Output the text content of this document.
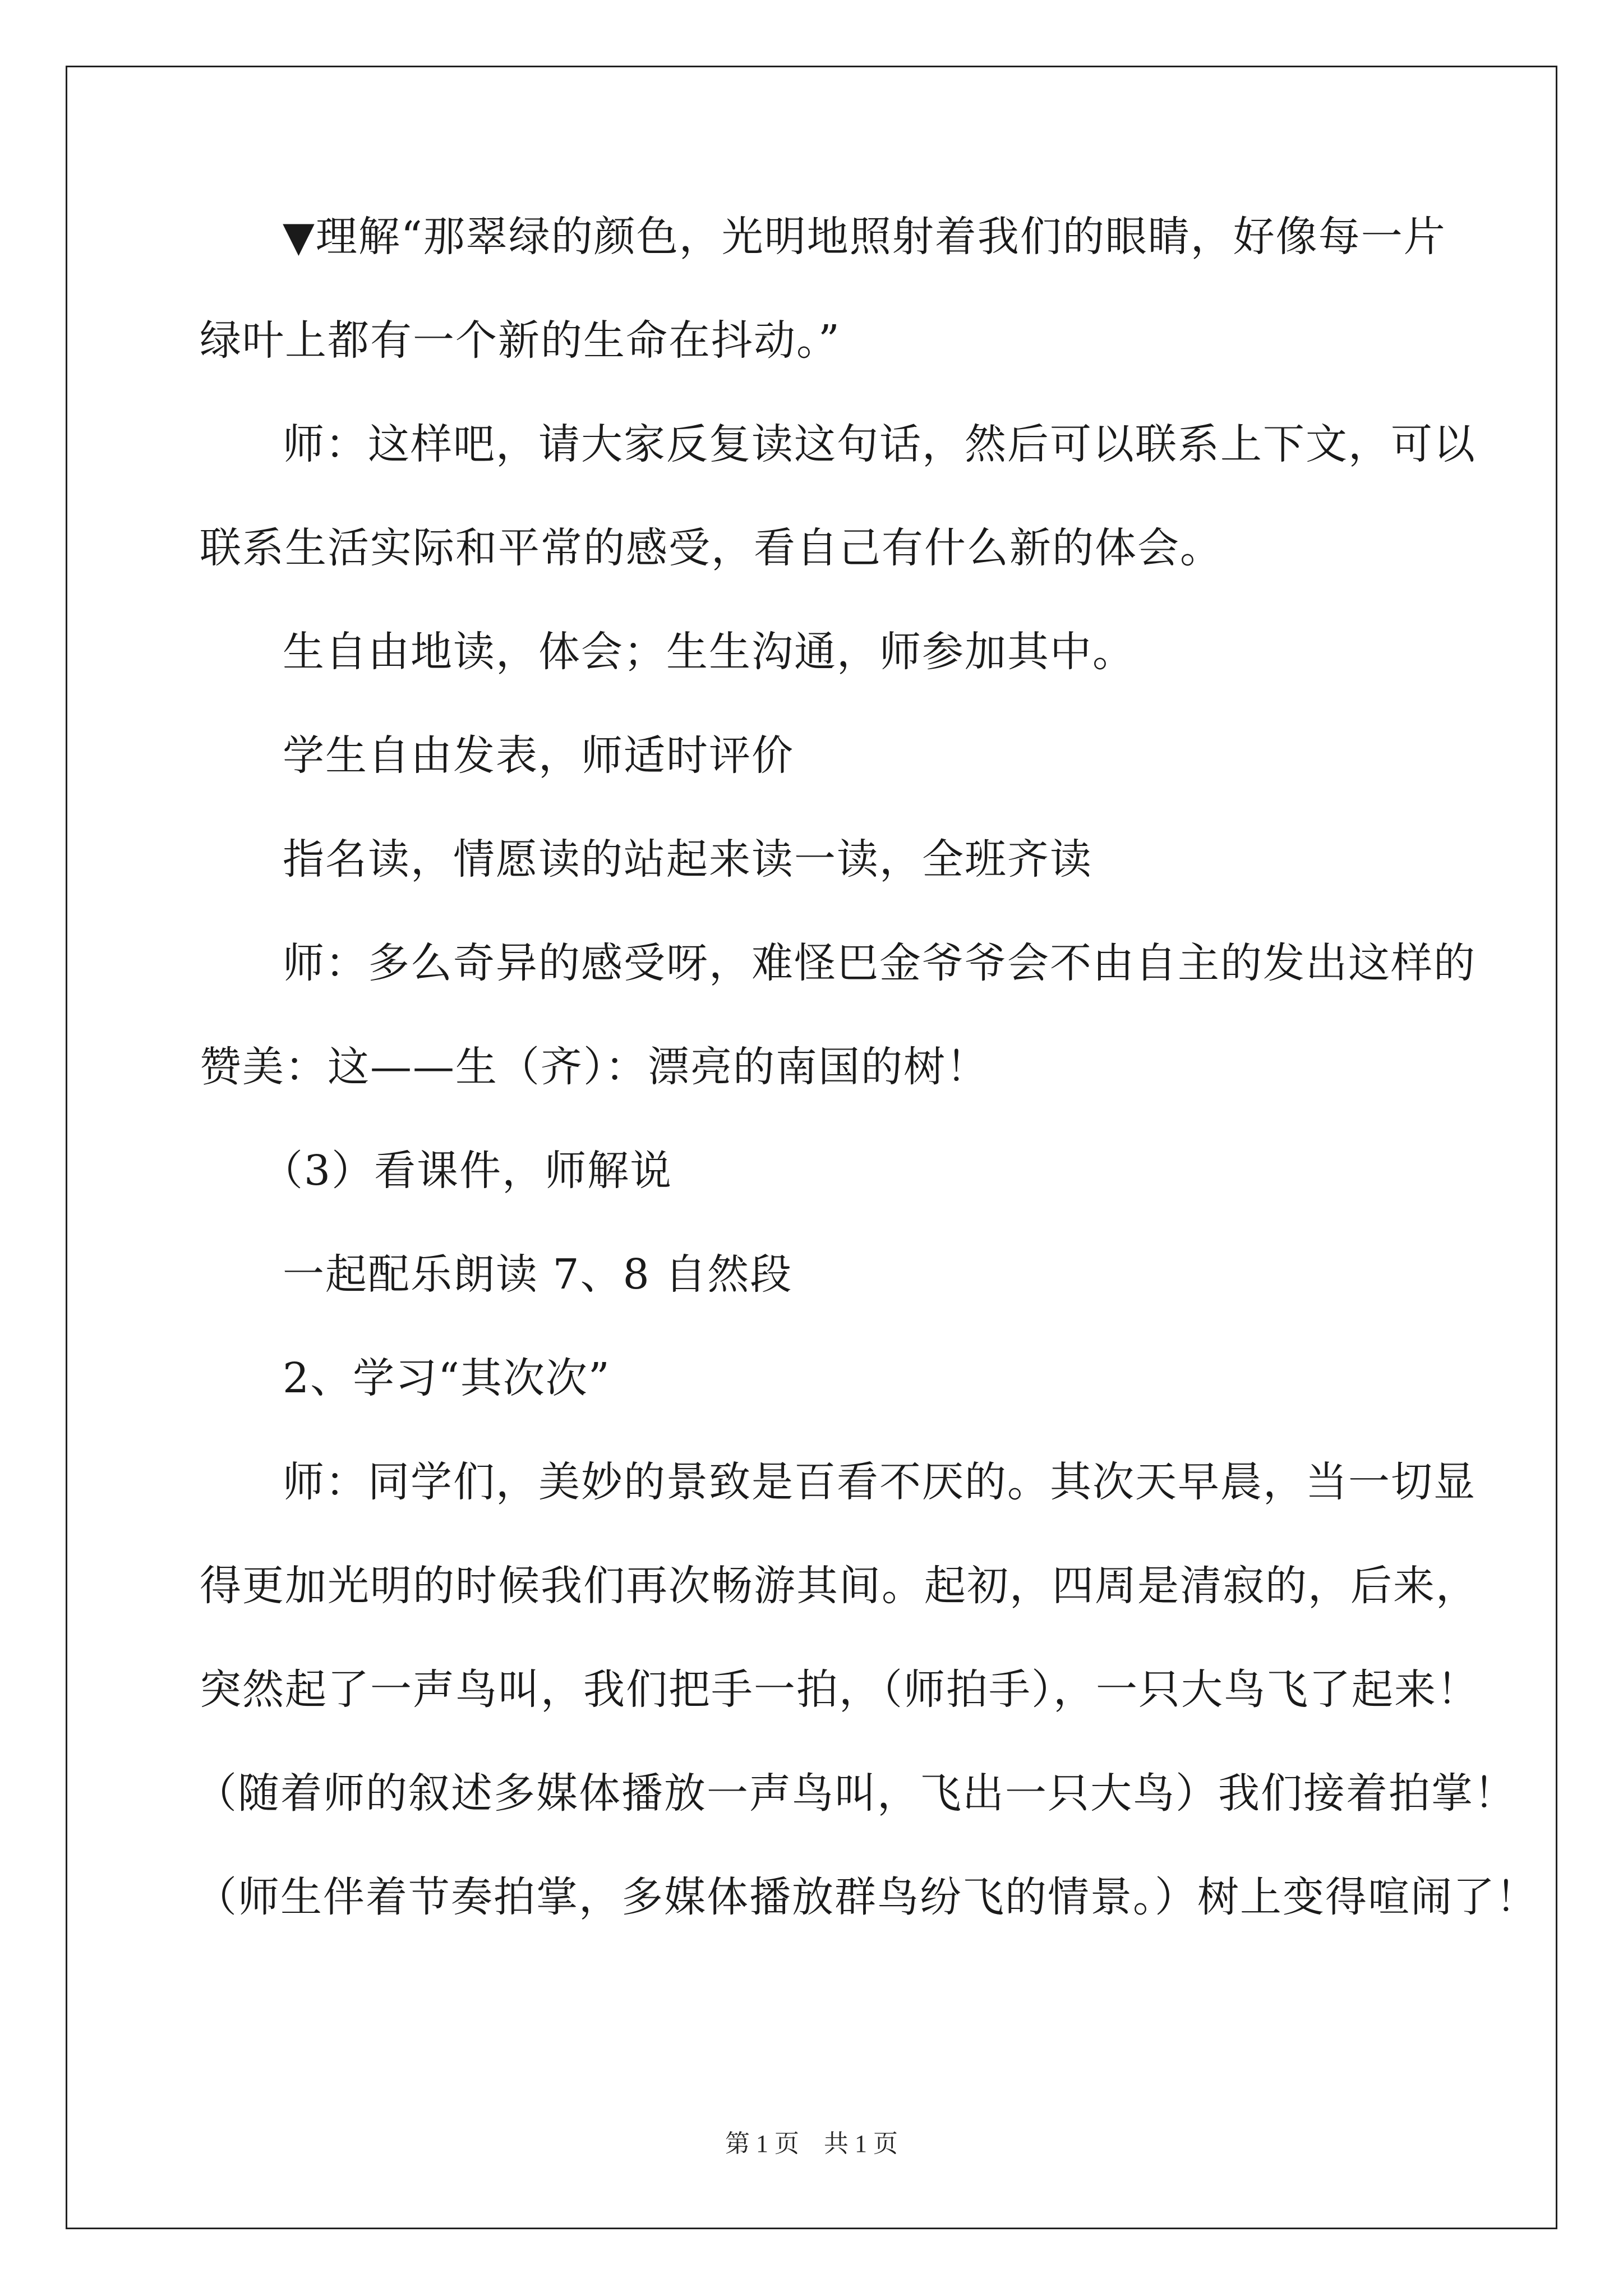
▼理解“那翠绿的颜色，光明地照射着我们的眼睛，好像每一片
绿叶上都有一个新的生命在抖动。”
师：这样吧，请大家反复读这句话，然后可以联系上下文，可以
联系生活实际和平常的感受，看自己有什么新的体会。
生自由地读，体会；生生沟通，师参加其中。
学生自由发表，师适时评价
指名读，情愿读的站起来读一读，全班齐读
师：多么奇异的感受呀，难怪巴金爷爷会不由自主的发出这样的
赞美：这——生（齐）：漂亮的南国的树！
（3）看课件，师解说
一起配乐朗读 7、8 自然段
2、学习“其次次”
师：同学们，美妙的景致是百看不厌的。其次天早晨，当一切显
得更加光明的时候我们再次畅游其间。起初，四周是清寂的，后来，
突然起了一声鸟叫，我们把手一拍，（师拍手），一只大鸟飞了起来！
（随着师的叙述多媒体播放一声鸟叫，飞出一只大鸟）我们接着拍掌！
（师生伴着节奏拍掌，多媒体播放群鸟纷飞的情景。）树上变得喧闹了！
第 1 页　共 1 页
